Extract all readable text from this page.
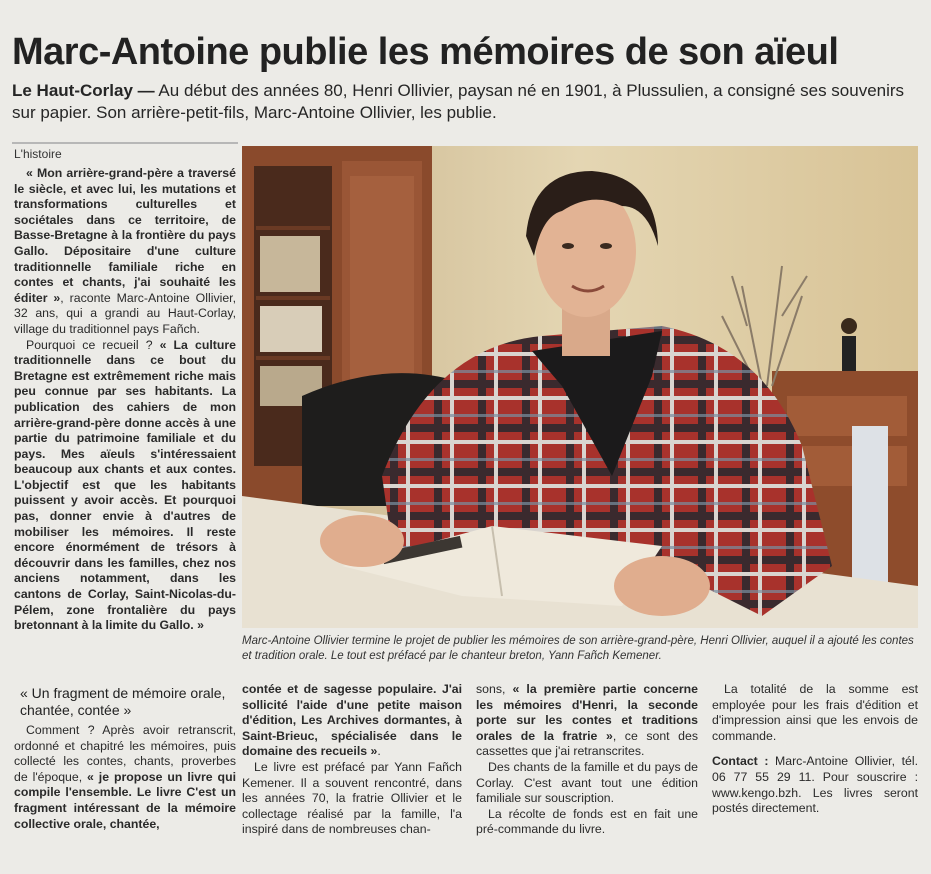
Marc-Antoine publie les mémoires de son aïeul
Le Haut-Corlay — Au début des années 80, Henri Ollivier, paysan né en 1901, à Plussulien, a consigné ses souvenirs sur papier. Son arrière-petit-fils, Marc-Antoine Ollivier, les publie.
L'histoire

« Mon arrière-grand-père a traversé le siècle, et avec lui, les mutations et transformations culturelles et sociétales dans ce territoire, de Basse-Bretagne à la frontière du pays Gallo. Dépositaire d'une culture traditionnelle familiale riche en contes et chants, j'ai souhaité les éditer », raconte Marc-Antoine Ollivier, 32 ans, qui a grandi au Haut-Corlay, village du traditionnel pays Fañch.

Pourquoi ce recueil ? « La culture traditionnelle dans ce bout du Bretagne est extrêmement riche mais peu connue par ses habitants. La publication des cahiers de mon arrière-grand-père donne accès à une partie du patrimoine familiale et du pays. Mes aïeuls s'intéressaient beaucoup aux chants et aux contes. L'objectif est que les habitants puissent y avoir accès. Et pourquoi pas, donner envie à d'autres de mobiliser les mémoires. Il reste encore énormément de trésors à découvrir dans les familles, chez nos anciens notamment, dans les cantons de Corlay, Saint-Nicolas-du-Pélem, zone frontalière du pays bretonnant à la limite du Gallo. »

« Un fragment de mémoire orale, chantée, contée »

Comment ? Après avoir retranscrit, ordonné et chapitré les mémoires, puis collecté les contes, chants, proverbes de l'époque, « je propose un livre qui compile l'ensemble. Le livre C'est un fragment intéressant de la mémoire collective orale, chantée,

Marc-Antoine Ollivier termine le projet de publier les mémoires de son arrière-grand-père, Henri Ollivier, auquel il a ajouté les contes et tradition orale. Le tout est préfacé par le chanteur breton, Yann Fañch Kemener.

contée et de sagesse populaire. J'ai sollicité l'aide d'une petite maison d'édition, Les Archives dormantes, à Saint-Brieuc, spécialisée dans le domaine des recueils ».

Le livre est préfacé par Yann Fañch Kemener. Il a souvent rencontré, dans les années 70, la fratrie Ollivier et le collectage réalisé par la famille, l'a inspiré dans de nombreuses chan-

sons, « la première partie concerne les mémoires d'Henri, la seconde porte sur les contes et traditions orales de la fratrie », ce sont des cassettes que j'ai retranscrites.

Des chants de la famille et du pays de Corlay. C'est avant tout une édition familiale sur souscription.

La récolte de fonds est en fait une pré-commande du livre.

La totalité de la somme est employée pour les frais d'édition et d'impression ainsi que les envois de commande.

Contact : Marc-Antoine Ollivier, tél. 06 77 55 29 11. Pour souscrire : www.kengo.bzh. Les livres seront postés directement.
